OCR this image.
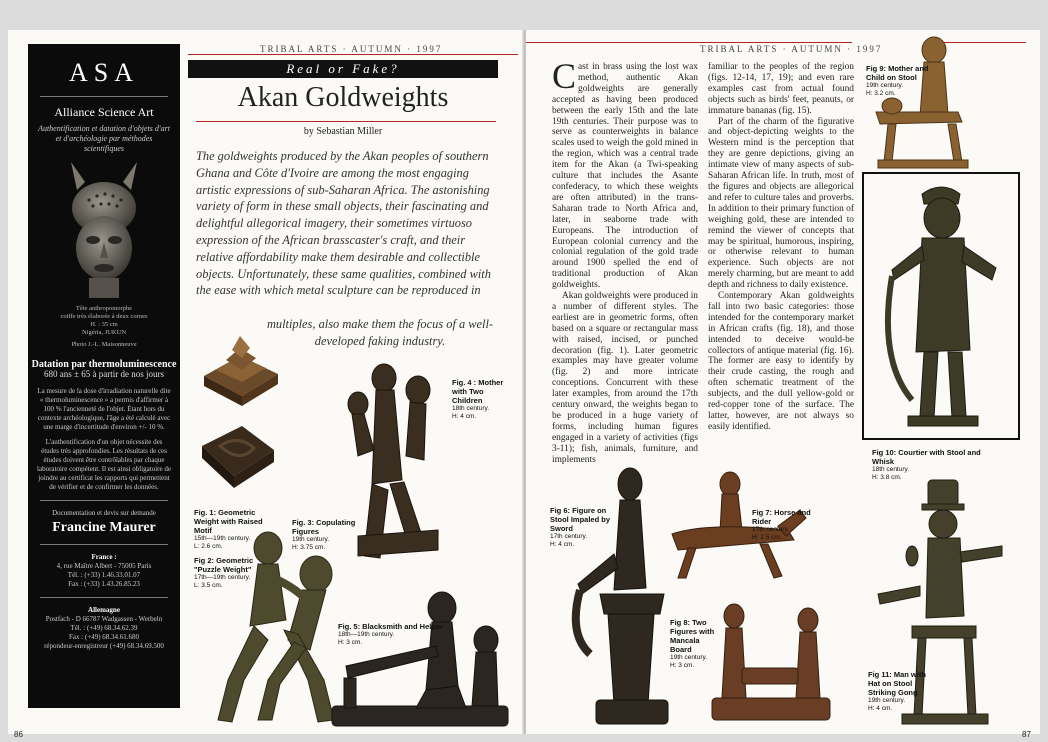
ASA
Alliance Science Art
Authentification et datation d'objets d'art et d'archéologie par méthodes scientifiques
Tête anthropomorphe
coiffe très élaborée à deux cornes
H. : 35 cm
Nigéria, JUKUN
Photo J.-L. Maisonneuve
Datation par thermoluminescence
680 ans ± 65 à partir de nos jours
La mesure de la dose d'irradiation naturelle dite « thermoluminescence » a permis d'affirmer à 100 % l'ancienneté de l'objet. Étant hors du contexte archéologique, l'âge a été calculé avec une marge d'incertitude d'environ +/- 10 %.
L'authentification d'un objet nécessite des études très approfondies. Les résultats de ces études doivent être contrôlables par chaque laboratoire compétent. Il est ainsi obligatoire de joindre au certificat les rapports qui permettent de vérifier et de confirmer les données.
Documentation et devis sur demande
Francine Maurer
France :
4, rue Maître Albert - 75005 Paris
Tél. : (+33) 1.46.33.01.07
Fax : (+33) 1.43.26.85.23
Allemagne
Postfach - D 66787 Wadgassen - Werbeln
Tél. : (+49) 68.34.62.39
Fax : (+49) 68.34.61.680
répondeur-enregistreur (+49) 68.34.69.500
TRIBAL ARTS · AUTUMN · 1997
Real or Fake?
Akan Goldweights
by Sebastian Miller
The goldweights produced by the Akan peoples of southern Ghana and Côte d'Ivoire are among the most engaging artistic expressions of sub-Saharan Africa. The astonishing variety of form in these small objects, their fascinating and delightful allegorical imagery, their sometimes virtuoso expression of the African brasscaster's craft, and their relative affordability make them desirable and collectible objects. Unfortunately, these same qualities, combined with the ease with which metal sculpture can be reproduced in
multiples, also make them the focus of a well-developed faking industry.
Fig. 1: Geometric Weight with Raised Motif
15th—19th century.
L: 2.6 cm.
Fig 2: Geometric "Puzzle Weight"
17th—19th century.
L: 3.5 cm.
Fig. 3: Copulating Figures
19th century.
H: 3.75 cm.
Fig. 4 : Mother with Two Children
18th century.
H: 4 cm.
Fig. 5: Blacksmith and Helper
18th—19th century.
H: 3 cm.
86
TRIBAL ARTS · AUTUMN · 1997
C ast in brass using the lost wax method, authentic Akan goldweights are generally accepted as having been produced between the early 15th and the late 19th centuries. Their purpose was to serve as counterweights in balance scales used to weigh the gold mined in the region, which was a central trade item for the Akan (a Twi-speaking culture that includes the Asante confederacy, to which these weights are often attributed) in the trans-Saharan trade to North Africa and, later, in seaborne trade with Europeans. The introduction of European colonial currency and the colonial regulation of the gold trade around 1900 spelled the end of traditional production of Akan goldweights.
Akan goldweights were produced in a number of different styles. The earliest are in geometric forms, often based on a square or rectangular mass with raised, incised, or punched decoration (fig. 1). Later geometric examples may have greater volume (fig. 2) and more intricate conceptions. Concurrent with these later examples, from around the 17th century onward, the weights began to be produced in a huge variety of forms, including human figures engaged in a variety of activities (figs 3-11); fish, animals, furniture, and implements
familiar to the peoples of the region (figs. 12-14, 17, 19); and even rare examples cast from actual found objects such as birds' feet, peanuts, or immature bananas (fig. 15).
Part of the charm of the figurative and object-depicting weights to the Western mind is the perception that they are genre depictions, giving an intimate view of many aspects of sub-Saharan African life. In truth, most of the figures and objects are allegorical and refer to culture tales and proverbs. In addition to their primary function of weighing gold, these are intended to remind the viewer of concepts that may be spiritual, humorous, inspiring, or otherwise relevant to human experience. Such objects are not merely charming, but are meant to add depth and richness to daily existence.
Contemporary Akan goldweights fall into two basic categories: those intended for the contemporary market in African crafts (fig. 18), and those intended to deceive would-be collectors of antique material (fig. 16). The former are easy to identify by their crude casting, the rough and often schematic treatment of the subjects, and the dull yellow-gold or red-copper tone of the surface. The latter, however, are not always so easily identified.
Fig 9: Mother and Child on Stool
19th century.
H: 3.2 cm.
Fig 10: Courtier with Stool and Whisk
18th century.
H: 3.8 cm.
Fig 11: Man with Hat on Stool Striking Gong
19th century.
H: 4 cm.
Fig 6: Figure on Stool Impaled by Sword
17th century.
H: 4 cm.
Fig 7: Horse and Rider
17th century.
H: 2.5 cm.
Fig 8: Two Figures with Mancala Board
19th century.
H: 3 cm.
87
